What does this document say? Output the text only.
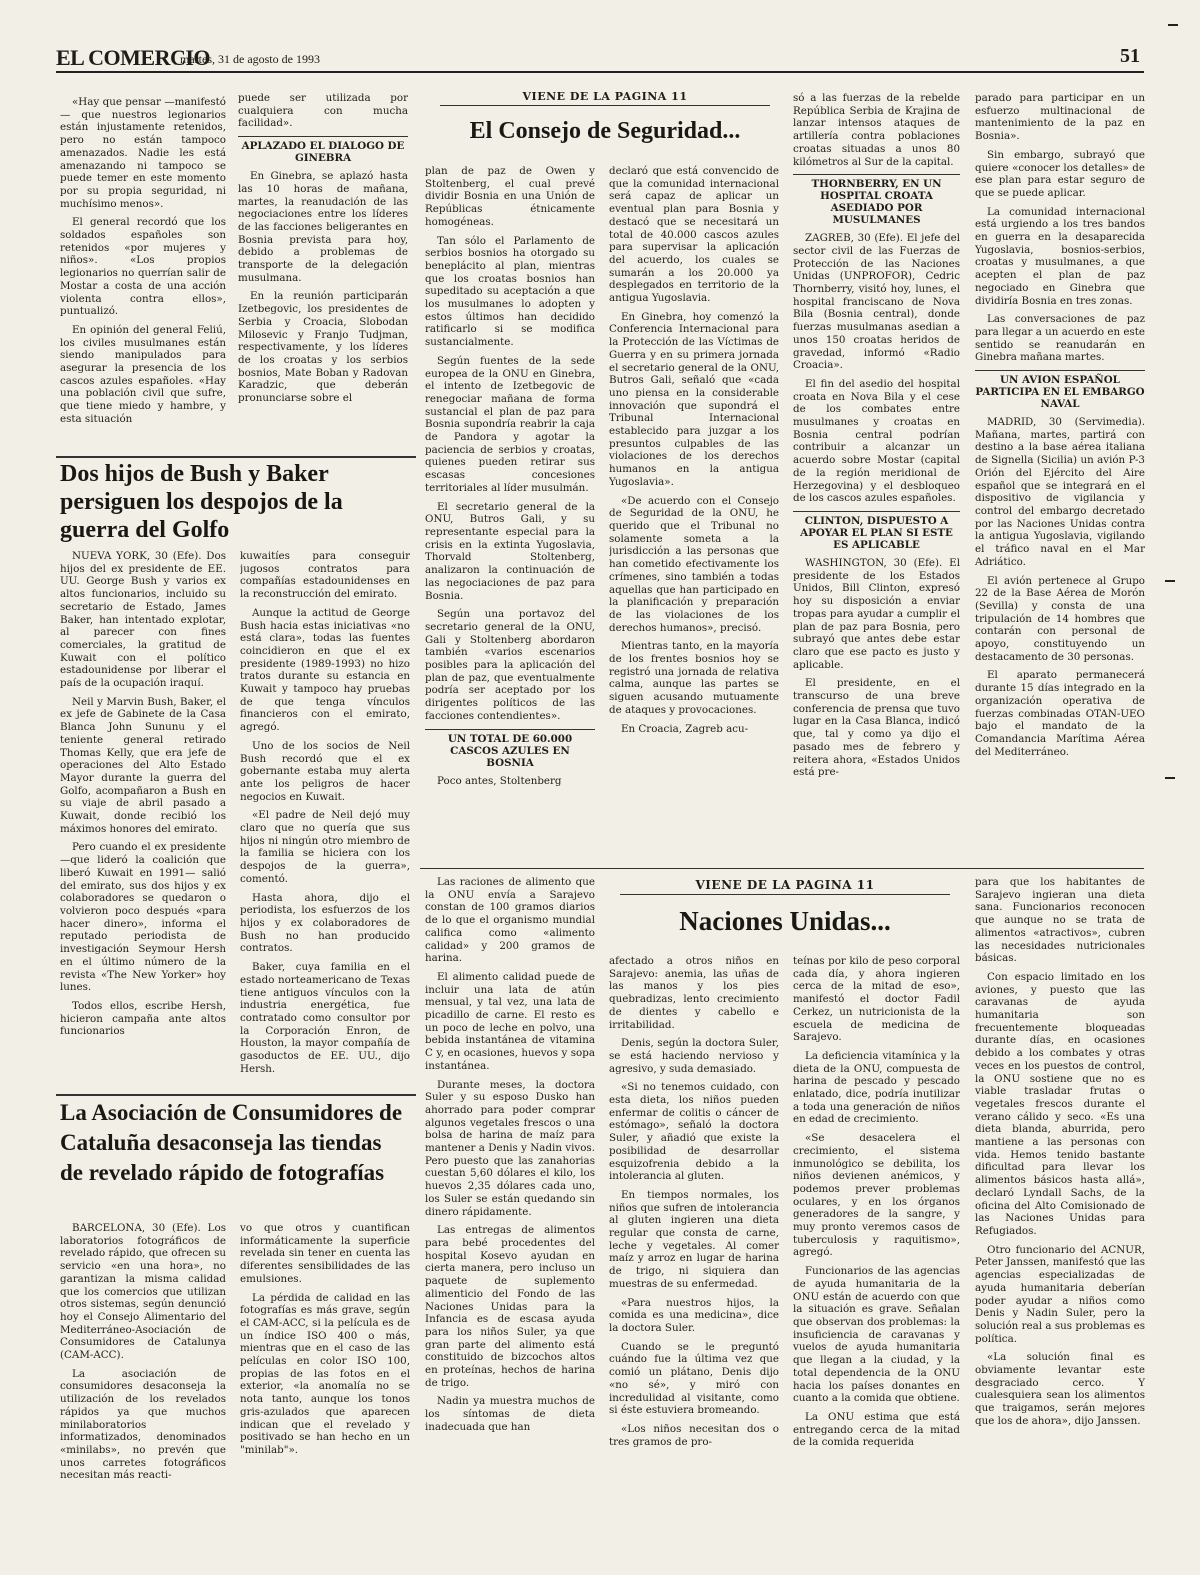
EL COMERCIO
, martes, 31 de agosto de 1993	51

«Hay que pensar —manifestó— que nuestros legionarios están injustamente retenidos, pero no están tampoco amenazados. Nadie les está amenazando ni tampoco se puede temer en este momento por su propia seguridad, ni muchísimo menos».

El general recordó que los soldados españoles son retenidos «por mujeres y niños». «Los propios legionarios no querrían salir de Mostar a costa de una acción violenta contra ellos», puntualizó.

En opinión del general Feliú, los civiles musulmanes están siendo manipulados para asegurar la presencia de los cascos azules españoles. «Hay una población civil que sufre, que tiene miedo y hambre, y esta situación

puede ser utilizada por cualquiera con mucha facilidad».

APLAZADO EL DIALOGO DE GINEBRA

En Ginebra, se aplazó hasta las 10 horas de mañana, martes, la reanudación de las negociaciones entre los líderes de las facciones beligerantes en Bosnia prevista para hoy, debido a problemas de transporte de la delegación musulmana.

En la reunión participarán Izetbegovic, los presidentes de Serbia y Croacia, Slobodan Milosevic y Franjo Tudjman, respectivamente, y los líderes de los croatas y los serbios bosnios, Mate Boban y Radovan Karadzic, que deberán pronunciarse sobre el

VIENE DE LA PAGINA 11
El Consejo de Seguridad...

plan de paz de Owen y Stoltenberg, el cual prevé dividir Bosnia en una Unión de Repúblicas étnicamente homogéneas.

Tan sólo el Parlamento de serbios bosnios ha otorgado su beneplácito al plan, mientras que los croatas bosnios han supeditado su aceptación a que los musulmanes lo adopten y estos últimos han decidido ratificarlo si se modifica sustancialmente.

Según fuentes de la sede europea de la ONU en Ginebra, el intento de Izetbegovic de renegociar mañana de forma sustancial el plan de paz para Bosnia supondría reabrir la caja de Pandora y agotar la paciencia de serbios y croatas, quienes pueden retirar sus escasas concesiones territoriales al líder musulmán.

El secretario general de la ONU, Butros Gali, y su representante especial para la crisis en la extinta Yugoslavia, Thorvald Stoltenberg, analizaron la continuación de las negociaciones de paz para Bosnia.

Según una portavoz del secretario general de la ONU, Gali y Stoltenberg abordaron también «varios escenarios posibles para la aplicación del plan de paz, que eventualmente podría ser aceptado por los dirigentes políticos de las facciones contendientes».

UN TOTAL DE 60.000 CASCOS AZULES EN BOSNIA

Poco antes, Stoltenberg

declaró que está convencido de que la comunidad internacional será capaz de aplicar un eventual plan para Bosnia y destacó que se necesitará un total de 40.000 cascos azules para supervisar la aplicación del acuerdo, los cuales se sumarán a los 20.000 ya desplegados en territorio de la antigua Yugoslavia.

En Ginebra, hoy comenzó la Conferencia Internacional para la Protección de las Víctimas de Guerra y en su primera jornada el secretario general de la ONU, Butros Gali, señaló que «cada uno piensa en la considerable innovación que supondrá el Tribunal Internacional establecido para juzgar a los presuntos culpables de las violaciones de los derechos humanos en la antigua Yugoslavia».

«De acuerdo con el Consejo de Seguridad de la ONU, he querido que el Tribunal no solamente someta a la jurisdicción a las personas que han cometido efectivamente los crímenes, sino también a todas aquellas que han participado en la planificación y preparación de las violaciones de los derechos humanos», precisó.

Mientras tanto, en la mayoría de los frentes bosnios hoy se registró una jornada de relativa calma, aunque las partes se siguen acusando mutuamente de ataques y provocaciones.

En Croacia, Zagreb acu-

só a las fuerzas de la rebelde República Serbia de Krajina de lanzar intensos ataques de artillería contra poblaciones croatas situadas a unos 80 kilómetros al Sur de la capital.

THORNBERRY, EN UN HOSPITAL CROATA ASEDIADO POR MUSULMANES

ZAGREB, 30 (Efe). El jefe del sector civil de las Fuerzas de Protección de las Naciones Unidas (UNPROFOR), Cedric Thornberry, visitó hoy, lunes, el hospital franciscano de Nova Bila (Bosnia central), donde fuerzas musulmanas asedian a unos 150 croatas heridos de gravedad, informó «Radio Croacia».

El fin del asedio del hospital croata en Nova Bila y el cese de los combates entre musulmanes y croatas en Bosnia central podrían contribuir a alcanzar un acuerdo sobre Mostar (capital de la región meridional de Herzegovina) y el desbloqueo de los cascos azules españoles.

CLINTON, DISPUESTO A APOYAR EL PLAN SI ESTE ES APLICABLE

WASHINGTON, 30 (Efe). El presidente de los Estados Unidos, Bill Clinton, expresó hoy su disposición a enviar tropas para ayudar a cumplir el plan de paz para Bosnia, pero subrayó que antes debe estar claro que ese pacto es justo y aplicable.

El presidente, en el transcurso de una breve conferencia de prensa que tuvo lugar en la Casa Blanca, indicó que, tal y como ya dijo el pasado mes de febrero y reitera ahora, «Estados Unidos está pre-

parado para participar en un esfuerzo multinacional de mantenimiento de la paz en Bosnia».

Sin embargo, subrayó que quiere «conocer los detalles» de ese plan para estar seguro de que se puede aplicar.

La comunidad internacional está urgiendo a los tres bandos en guerra en la desaparecida Yugoslavia, bosnios-serbios, croatas y musulmanes, a que acepten el plan de paz negociado en Ginebra que dividiría Bosnia en tres zonas.

Las conversaciones de paz para llegar a un acuerdo en este sentido se reanudarán en Ginebra mañana martes.

UN AVION ESPAÑOL PARTICIPA EN EL EMBARGO NAVAL

MADRID, 30 (Servimedia). Mañana, martes, partirá con destino a la base aérea italiana de Signella (Sicilia) un avión P-3 Orión del Ejército del Aire español que se integrará en el dispositivo de vigilancia y control del embargo decretado por las Naciones Unidas contra la antigua Yugoslavia, vigilando el tráfico naval en el Mar Adriático.

El avión pertenece al Grupo 22 de la Base Aérea de Morón (Sevilla) y consta de una tripulación de 14 hombres que contarán con personal de apoyo, constituyendo un destacamento de 30 personas.

El aparato permanecerá durante 15 días integrado en la organización operativa de fuerzas combinadas OTAN-UEO bajo el mandato de la Comandancia Marítima Aérea del Mediterráneo.

Dos hijos de Bush y Baker persiguen los despojos de la guerra del Golfo

NUEVA YORK, 30 (Efe). Dos hijos del ex presidente de EE. UU. George Bush y varios ex altos funcionarios, incluido su secretario de Estado, James Baker, han intentado explotar, al parecer con fines comerciales, la gratitud de Kuwait con el político estadounidense por liberar el país de la ocupación iraquí.

Neil y Marvin Bush, Baker, el ex jefe de Gabinete de la Casa Blanca John Sununu y el teniente general retirado Thomas Kelly, que era jefe de operaciones del Alto Estado Mayor durante la guerra del Golfo, acompañaron a Bush en su viaje de abril pasado a Kuwait, donde recibió los máximos honores del emirato.

Pero cuando el ex presidente —que lideró la coalición que liberó Kuwait en 1991— salió del emirato, sus dos hijos y ex colaboradores se quedaron o volvieron poco después «para hacer dinero», informa el reputado periodista de investigación Seymour Hersh en el último número de la revista «The New Yorker» hoy lunes.

Todos ellos, escribe Hersh, hicieron campaña ante altos funcionarios

kuwaitíes para conseguir jugosos contratos para compañías estadounidenses en la reconstrucción del emirato.

Aunque la actitud de George Bush hacia estas iniciativas «no está clara», todas las fuentes coincidieron en que el ex presidente (1989-1993) no hizo tratos durante su estancia en Kuwait y tampoco hay pruebas de que tenga vínculos financieros con el emirato, agregó.

Uno de los socios de Neil Bush recordó que el ex gobernante estaba muy alerta ante los peligros de hacer negocios en Kuwait.

«El padre de Neil dejó muy claro que no quería que sus hijos ni ningún otro miembro de la familia se hiciera con los despojos de la guerra», comentó.

Hasta ahora, dijo el periodista, los esfuerzos de los hijos y ex colaboradores de Bush no han producido contratos.

Baker, cuya familia en el estado norteamericano de Texas tiene antiguos vínculos con la industria energética, fue contratado como consultor por la Corporación Enron, de Houston, la mayor compañía de gasoductos de EE. UU., dijo Hersh.

La Asociación de Consumidores de Cataluña desaconseja las tiendas de revelado rápido de fotografías

BARCELONA, 30 (Efe). Los laboratorios fotográficos de revelado rápido, que ofrecen su servicio «en una hora», no garantizan la misma calidad que los comercios que utilizan otros sistemas, según denunció hoy el Consejo Alimentario del Mediterráneo-Asociación de Consumidores de Catalunya (CAM-ACC).

La asociación de consumidores desaconseja la utilización de los revelados rápidos ya que muchos minilaboratorios informatizados, denominados «minilabs», no prevén que unos carretes fotográficos necesitan más reacti-

vo que otros y cuantifican informáticamente la superficie revelada sin tener en cuenta las diferentes sensibilidades de las emulsiones.

La pérdida de calidad en las fotografías es más grave, según el CAM-ACC, si la película es de un índice ISO 400 o más, mientras que en el caso de las películas en color ISO 100, propias de las fotos en el exterior, «la anomalía no se nota tanto, aunque los tonos gris-azulados que aparecen indican que el revelado y positivado se han hecho en un "minilab"».

Las raciones de alimento que la ONU envía a Sarajevo constan de 100 gramos diarios de lo que el organismo mundial califica como «alimento calidad» y 200 gramos de harina.

El alimento calidad puede de incluir una lata de atún mensual, y tal vez, una lata de picadillo de carne. El resto es un poco de leche en polvo, una bebida instantánea de vitamina C y, en ocasiones, huevos y sopa instantánea.

Durante meses, la doctora Suler y su esposo Dusko han ahorrado para poder comprar algunos vegetales frescos o una bolsa de harina de maíz para mantener a Denis y Nadin vivos. Pero puesto que las zanahorias cuestan 5,60 dólares el kilo, los huevos 2,35 dólares cada uno, los Suler se están quedando sin dinero rápidamente.

Las entregas de alimentos para bebé procedentes del hospital Kosevo ayudan en cierta manera, pero incluso un paquete de suplemento alimenticio del Fondo de las Naciones Unidas para la Infancia es de escasa ayuda para los niños Suler, ya que gran parte del alimento está constituido de bizcochos altos en proteínas, hechos de harina de trigo.

Nadin ya muestra muchos de los síntomas de dieta inadecuada que han

VIENE DE LA PAGINA 11
Naciones Unidas...

afectado a otros niños en Sarajevo: anemia, las uñas de las manos y los pies quebradizas, lento crecimiento de dientes y cabello e irritabilidad.

Denis, según la doctora Suler, se está haciendo nervioso y agresivo, y suda demasiado.

«Si no tenemos cuidado, con esta dieta, los niños pueden enfermar de colitis o cáncer de estómago», señaló la doctora Suler, y añadió que existe la posibilidad de desarrollar esquizofrenia debido a la intolerancia al gluten.

En tiempos normales, los niños que sufren de intolerancia al gluten ingieren una dieta regular que consta de carne, leche y vegetales. Al comer maíz y arroz en lugar de harina de trigo, ni siquiera dan muestras de su enfermedad.

«Para nuestros hijos, la comida es una medicina», dice la doctora Suler.

Cuando se le preguntó cuándo fue la última vez que comió un plátano, Denis dijo «no sé», y miró con incredulidad al visitante, como si éste estuviera bromeando.

«Los niños necesitan dos o tres gramos de pro-

teínas por kilo de peso corporal cada día, y ahora ingieren cerca de la mitad de eso», manifestó el doctor Fadil Cerkez, un nutricionista de la escuela de medicina de Sarajevo.

La deficiencia vitamínica y la dieta de la ONU, compuesta de harina de pescado y pescado enlatado, dice, podría inutilizar a toda una generación de niños en edad de crecimiento.

«Se desacelera el crecimiento, el sistema inmunológico se debilita, los niños devienen anémicos, y podemos prever problemas oculares, y en los órganos generadores de la sangre, y muy pronto veremos casos de tuberculosis y raquitismo», agregó.

Funcionarios de las agencias de ayuda humanitaria de la ONU están de acuerdo con que la situación es grave. Señalan que observan dos problemas: la insuficiencia de caravanas y vuelos de ayuda humanitaria que llegan a la ciudad, y la total dependencia de la ONU hacia los países donantes en cuanto a la comida que obtiene.

La ONU estima que está entregando cerca de la mitad de la comida requerida

para que los habitantes de Sarajevo ingieran una dieta sana. Funcionarios reconocen que aunque no se trata de alimentos «atractivos», cubren las necesidades nutricionales básicas.

Con espacio limitado en los aviones, y puesto que las caravanas de ayuda humanitaria son frecuentemente bloqueadas durante días, en ocasiones debido a los combates y otras veces en los puestos de control, la ONU sostiene que no es viable trasladar frutas o vegetales frescos durante el verano cálido y seco. «Es una dieta blanda, aburrida, pero mantiene a las personas con vida. Hemos tenido bastante dificultad para llevar los alimentos básicos hasta allá», declaró Lyndall Sachs, de la oficina del Alto Comisionado de las Naciones Unidas para Refugiados.

Otro funcionario del ACNUR, Peter Janssen, manifestó que las agencias especializadas de ayuda humanitaria deberían poder ayudar a niños como Denis y Nadin Suler, pero la solución real a sus problemas es política.

«La solución final es obviamente levantar este desgraciado cerco. Y cualesquiera sean los alimentos que traigamos, serán mejores que los de ahora», dijo Janssen.
